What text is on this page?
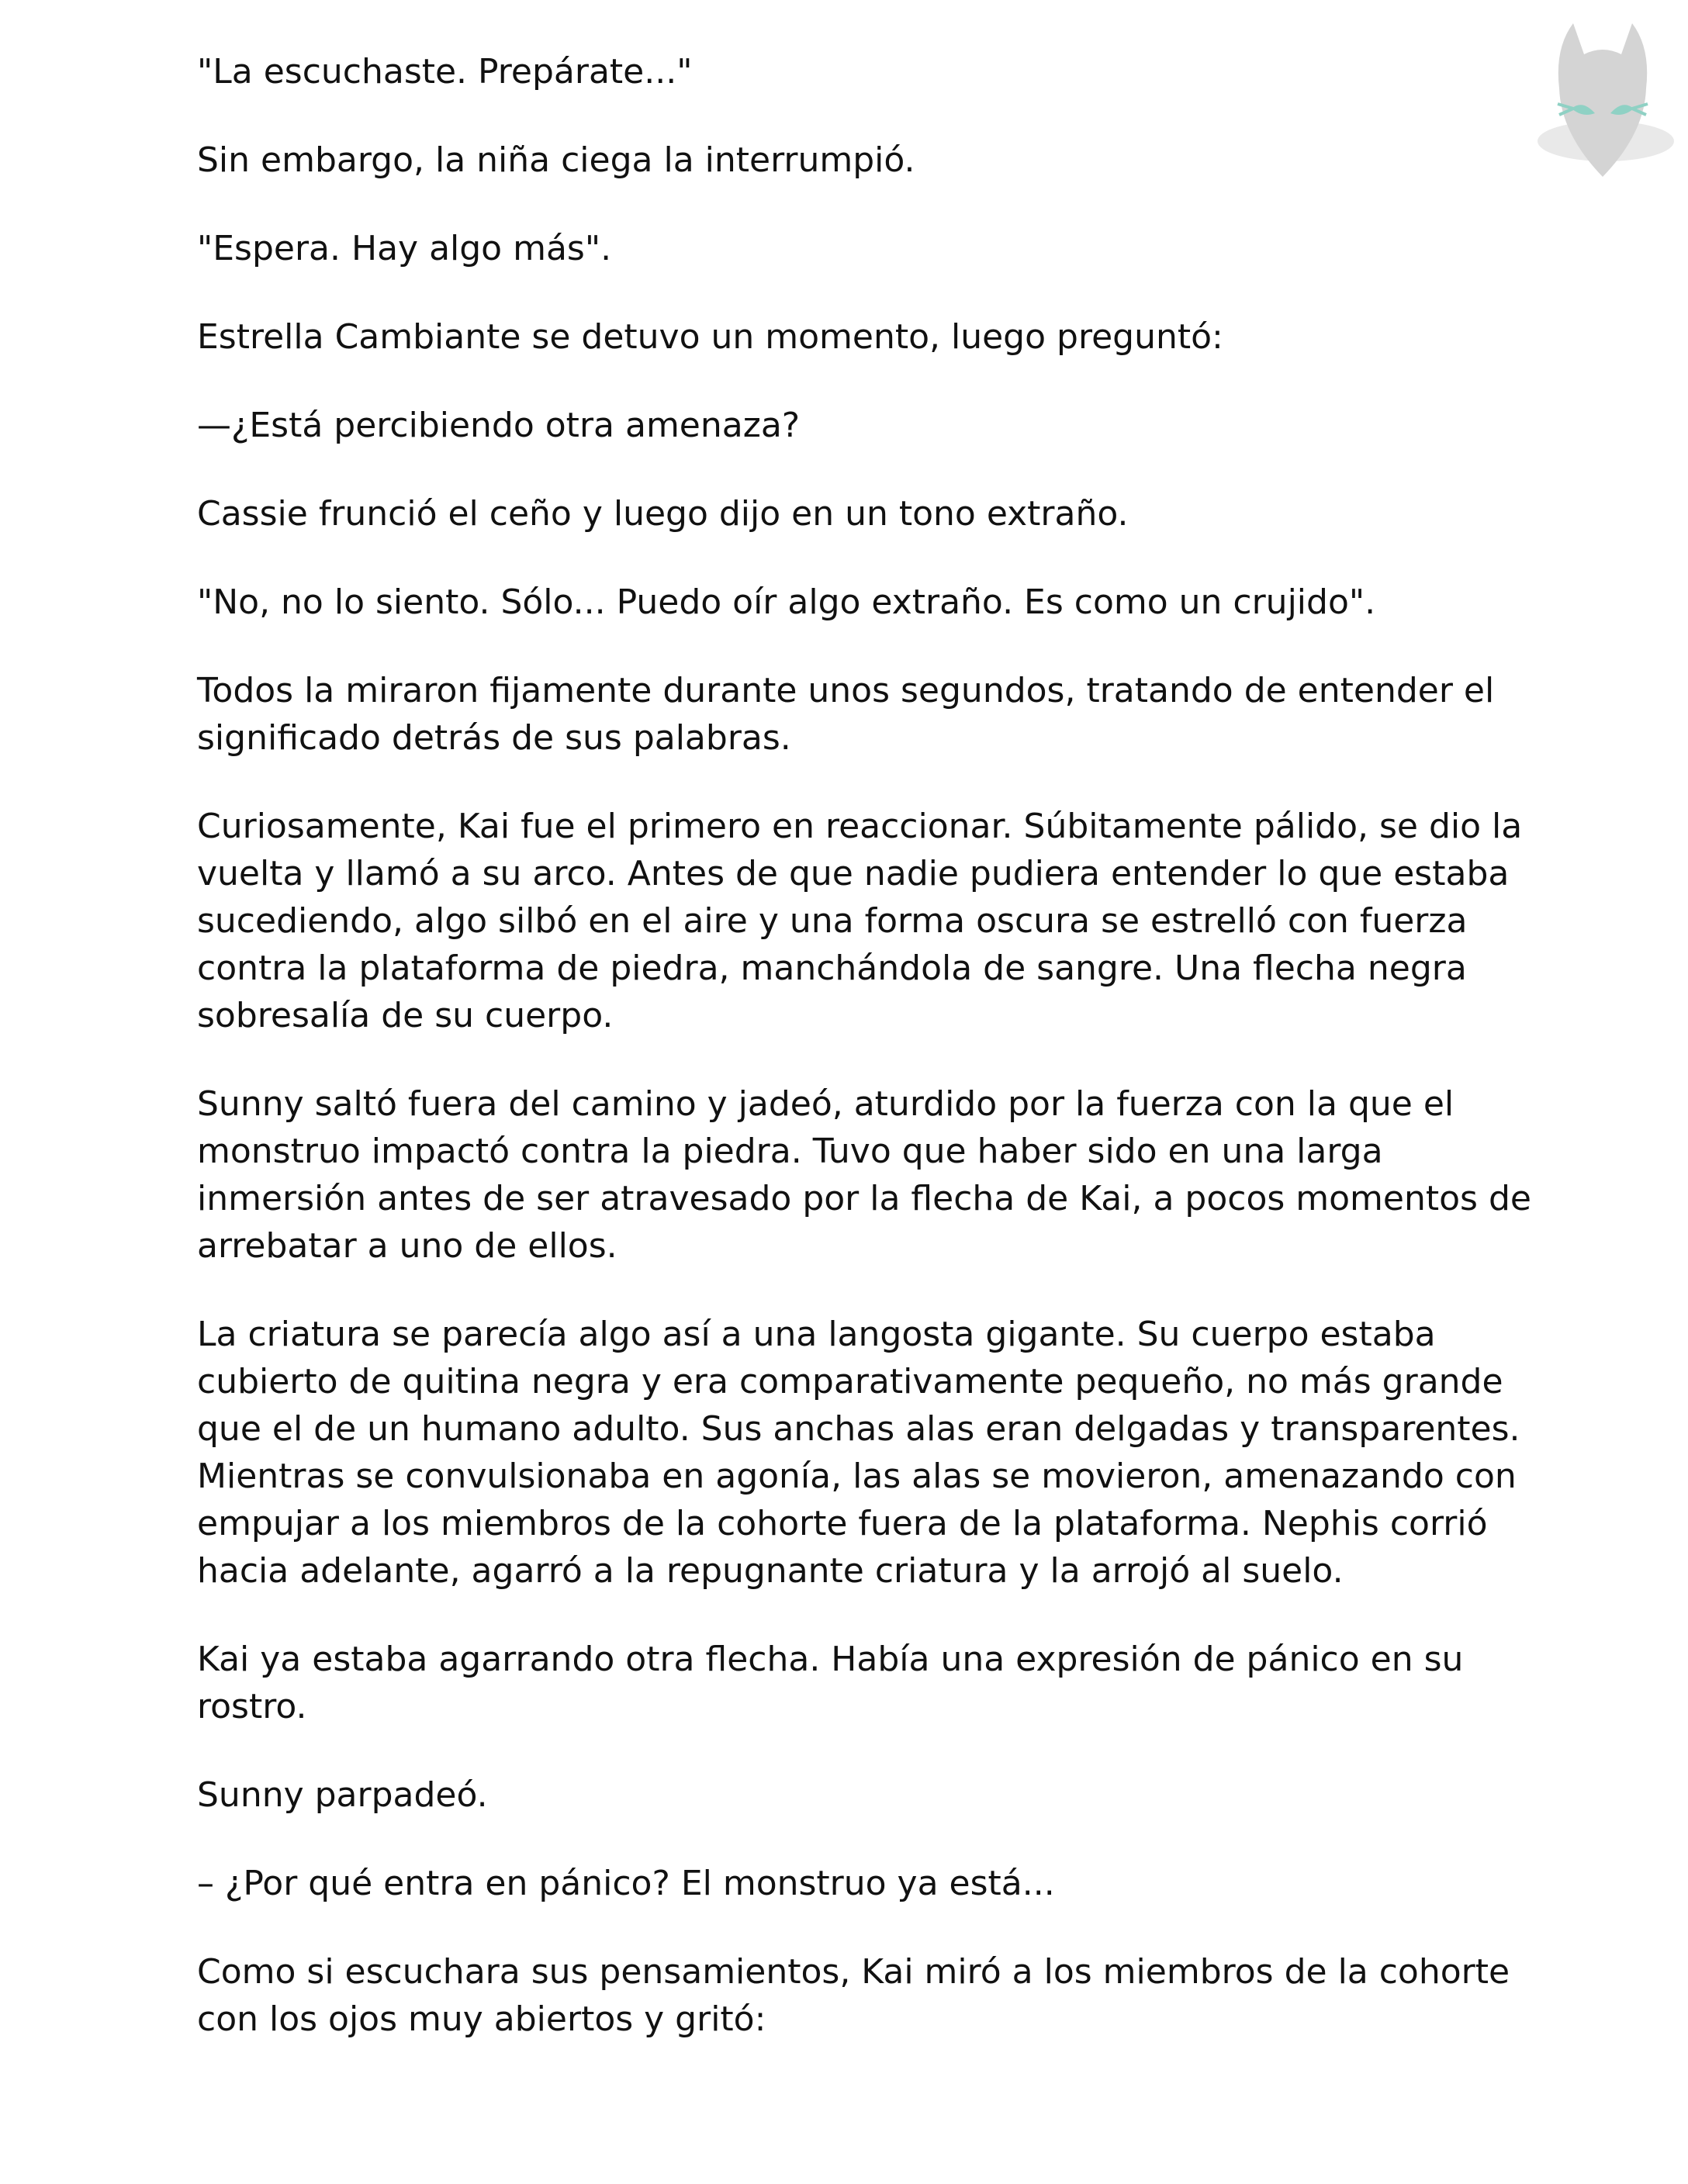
"La escuchaste. Prepárate..."

Sin embargo, la niña ciega la interrumpió.

"Espera. Hay algo más".

Estrella Cambiante se detuvo un momento, luego preguntó:

—¿Está percibiendo otra amenaza?

Cassie frunció el ceño y luego dijo en un tono extraño.

"No, no lo siento. Sólo... Puedo oír algo extraño. Es como un crujido".

Todos la miraron fijamente durante unos segundos, tratando de entender el significado detrás de sus palabras.

Curiosamente, Kai fue el primero en reaccionar. Súbitamente pálido, se dio la vuelta y llamó a su arco. Antes de que nadie pudiera entender lo que estaba sucediendo, algo silbó en el aire y una forma oscura se estrelló con fuerza contra la plataforma de piedra, manchándola de sangre. Una flecha negra sobresalía de su cuerpo.

Sunny saltó fuera del camino y jadeó, aturdido por la fuerza con la que el monstruo impactó contra la piedra. Tuvo que haber sido en una larga inmersión antes de ser atravesado por la flecha de Kai, a pocos momentos de arrebatar a uno de ellos.

La criatura se parecía algo así a una langosta gigante. Su cuerpo estaba cubierto de quitina negra y era comparativamente pequeño, no más grande que el de un humano adulto. Sus anchas alas eran delgadas y transparentes. Mientras se convulsionaba en agonía, las alas se movieron, amenazando con empujar a los miembros de la cohorte fuera de la plataforma. Nephis corrió hacia adelante, agarró a la repugnante criatura y la arrojó al suelo.

Kai ya estaba agarrando otra flecha. Había una expresión de pánico en su rostro.

Sunny parpadeó.

– ¿Por qué entra en pánico? El monstruo ya está...

Como si escuchara sus pensamientos, Kai miró a los miembros de la cohorte con los ojos muy abiertos y gritó:
